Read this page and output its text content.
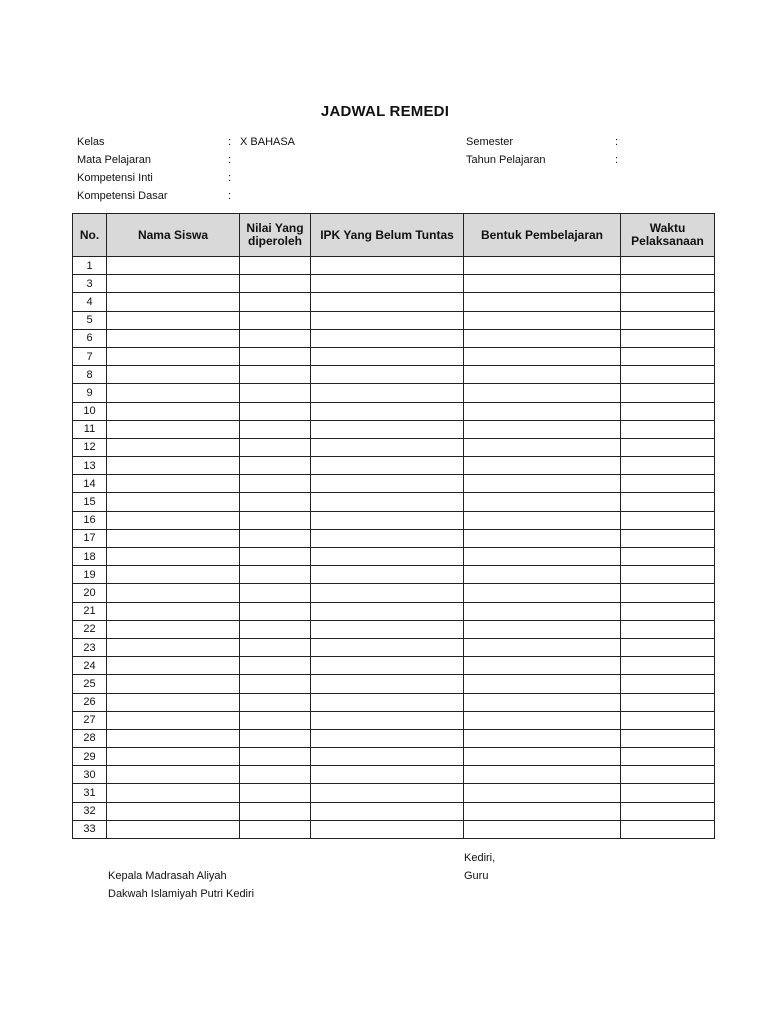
JADWAL REMEDI
Kelas	: X BAHASA
Mata Pelajaran	:
Kompetensi Inti	:
Kompetensi Dasar	:
Semester	:
Tahun Pelajaran	:
No.	Nama Siswa	Nilai Yang diperoleh	IPK Yang Belum Tuntas	Bentuk Pembelajaran	Waktu Pelaksanaan
1					
3					
4					
5					
6					
7					
8					
9					
10					
11					
12					
13					
14					
15					
16					
17					
18					
19					
20					
21					
22					
23					
24					
25					
26					
27					
28					
29					
30					
31					
32					
33					
Kepala Madrasah Aliyah
Dakwah Islamiyah Putri Kediri
Kediri,
Guru
